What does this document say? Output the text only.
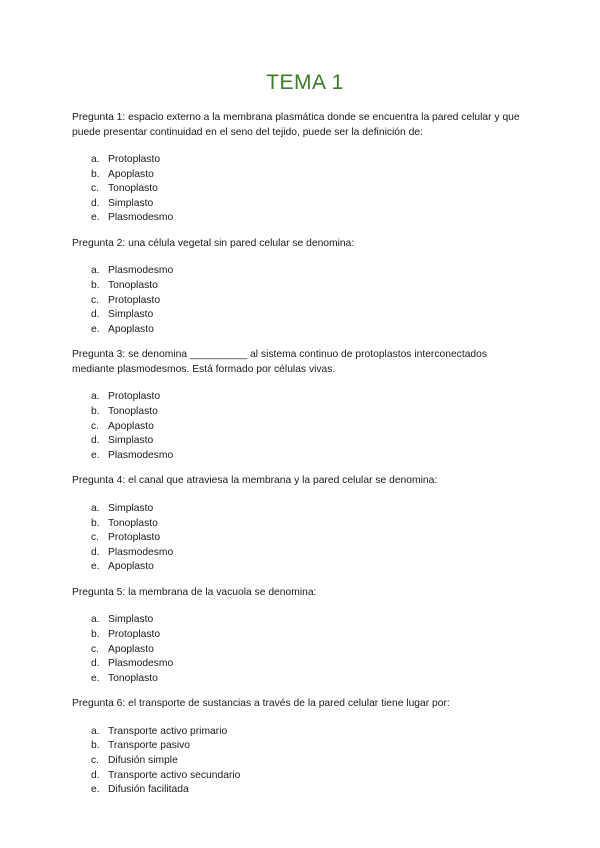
TEMA 1

Pregunta 1: espacio externo a la membrana plasmática donde se encuentra la pared celular y que puede presentar continuidad en el seno del tejido, puede ser la definición de:

a. Protoplasto
b. Apoplasto
c. Tonoplasto
d. Simplasto
e. Plasmodesmo

Pregunta 2: una célula vegetal sin pared celular se denomina:

a. Plasmodesmo
b. Tonoplasto
c. Protoplasto
d. Simplasto
e. Apoplasto

Pregunta 3: se denomina __________ al sistema continuo de protoplastos interconectados mediante plasmodesmos. Está formado por células vivas.

a. Protoplasto
b. Tonoplasto
c. Apoplasto
d. Simplasto
e. Plasmodesmo

Pregunta 4: el canal que atraviesa la membrana y la pared celular se denomina:

a. Simplasto
b. Tonoplasto
c. Protoplasto
d. Plasmodesmo
e. Apoplasto

Pregunta 5: la membrana de la vacuola se denomina:

a. Simplasto
b. Protoplasto
c. Apoplasto
d. Plasmodesmo
e. Tonoplasto

Pregunta 6: el transporte de sustancias a través de la pared celular tiene lugar por:

a. Transporte activo primario
b. Transporte pasivo
c. Difusión simple
d. Transporte activo secundario
e. Difusión facilitada
